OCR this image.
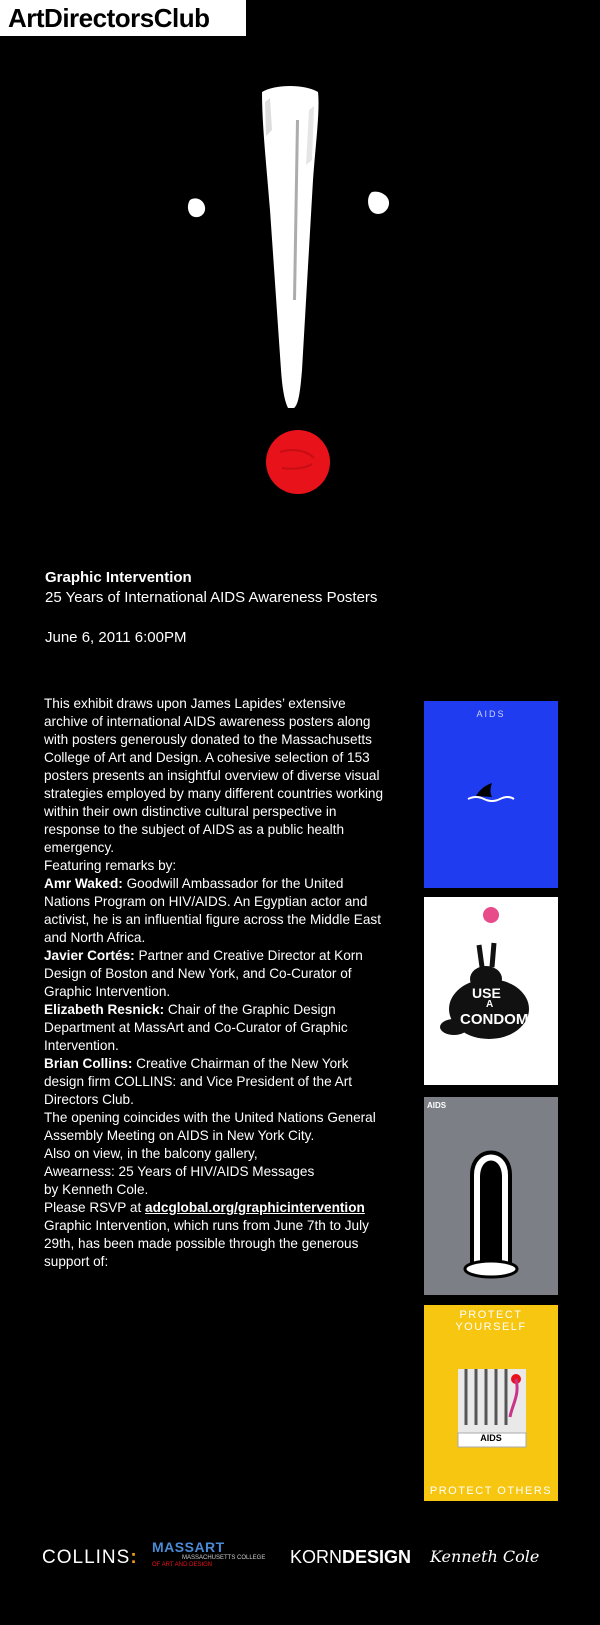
ArtDirectorsClub
Graphic Intervention
25 Years of International AIDS Awareness Posters
June 6, 2011 6:00PM

This exhibit draws upon James Lapides’ extensive archive of international AIDS awareness posters along with posters generously donated to the Massachusetts College of Art and Design. A cohesive selection of 153 posters presents an insightful overview of diverse visual strategies employed by many different countries working within their own distinctive cultural perspective in response to the subject of AIDS as a public health emergency.

Featuring remarks by:

Amr Waked: Goodwill Ambassador for the United Nations Program on HIV/AIDS. An Egyptian actor and activist, he is an influential figure across the Middle East and North Africa.

Javier Cortés: Partner and Creative Director at Korn Design of Boston and New York, and Co-Curator of Graphic Intervention.

Elizabeth Resnick: Chair of the Graphic Design Department at MassArt and Co-Curator of Graphic Intervention.

Brian Collins: Creative Chairman of the New York design firm COLLINS: and Vice President of the Art Directors Club.

The opening coincides with the United Nations General Assembly Meeting on AIDS in New York City.

Also on view, in the balcony gallery,
Awearness: 25 Years of HIV/AIDS Messages
by Kenneth Cole.

Please RSVP at adcglobal.org/graphicintervention

Graphic Intervention, which runs from June 7th to July 29th, has been made possible through the generous support of:

AIDS
USE
A
CONDOM
AIDS
PROTECT YOURSELF
AIDS
PROTECT OTHERS
COLLINS: MASSART
MASSACHUSETTS COLLEGE
OF ART AND DESIGN	KORNDESIGN Kenneth Cole
